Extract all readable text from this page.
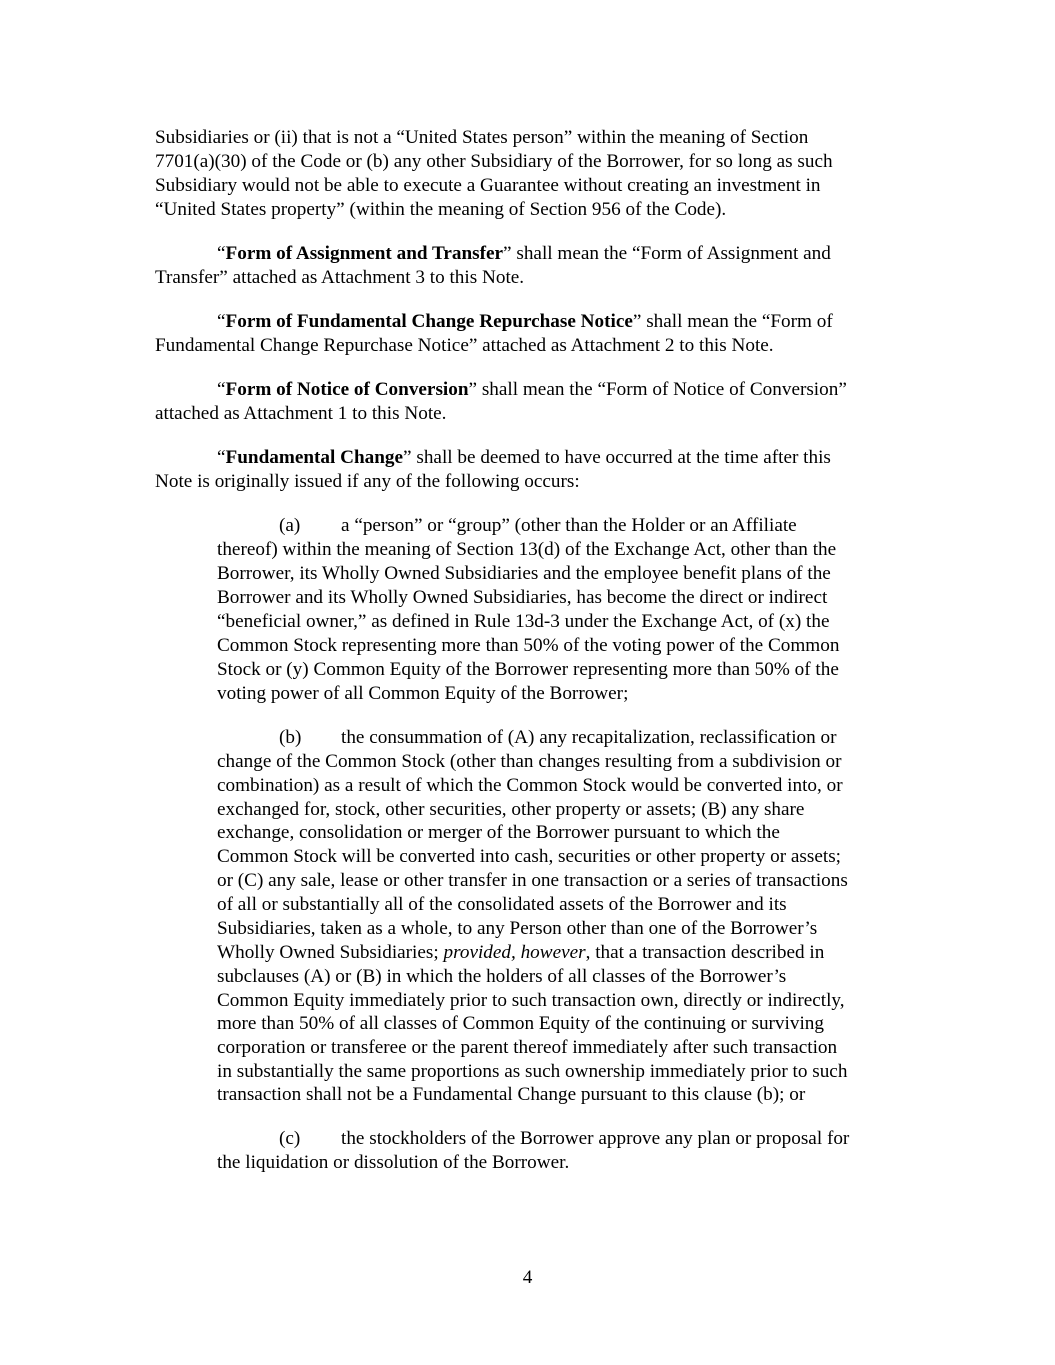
Subsidiaries or (ii) that is not a “United States person” within the meaning of Section
7701(a)(30) of the Code or (b) any other Subsidiary of the Borrower, for so long as such
Subsidiary would not be able to execute a Guarantee without creating an investment in
“United States property” (within the meaning of Section 956 of the Code).
“Form of Assignment and Transfer” shall mean the “Form of Assignment and
Transfer” attached as Attachment 3 to this Note.
“Form of Fundamental Change Repurchase Notice” shall mean the “Form of
Fundamental Change Repurchase Notice” attached as Attachment 2 to this Note.
“Form of Notice of Conversion” shall mean the “Form of Notice of Conversion”
attached as Attachment 1 to this Note.
“Fundamental Change” shall be deemed to have occurred at the time after this
Note is originally issued if any of the following occurs:
(a) a “person” or “group” (other than the Holder or an Affiliate
thereof) within the meaning of Section 13(d) of the Exchange Act, other than the
Borrower, its Wholly Owned Subsidiaries and the employee benefit plans of the
Borrower and its Wholly Owned Subsidiaries, has become the direct or indirect
“beneficial owner,” as defined in Rule 13d-3 under the Exchange Act, of (x) the
Common Stock representing more than 50% of the voting power of the Common
Stock or (y) Common Equity of the Borrower representing more than 50% of the
voting power of all Common Equity of the Borrower;
(b) the consummation of (A) any recapitalization, reclassification or
change of the Common Stock (other than changes resulting from a subdivision or
combination) as a result of which the Common Stock would be converted into, or
exchanged for, stock, other securities, other property or assets; (B) any share
exchange, consolidation or merger of the Borrower pursuant to which the
Common Stock will be converted into cash, securities or other property or assets;
or (C) any sale, lease or other transfer in one transaction or a series of transactions
of all or substantially all of the consolidated assets of the Borrower and its
Subsidiaries, taken as a whole, to any Person other than one of the Borrower’s
Wholly Owned Subsidiaries; provided, however, that a transaction described in
subclauses (A) or (B) in which the holders of all classes of the Borrower’s
Common Equity immediately prior to such transaction own, directly or indirectly,
more than 50% of all classes of Common Equity of the continuing or surviving
corporation or transferee or the parent thereof immediately after such transaction
in substantially the same proportions as such ownership immediately prior to such
transaction shall not be a Fundamental Change pursuant to this clause (b); or
(c) the stockholders of the Borrower approve any plan or proposal for
the liquidation or dissolution of the Borrower.
4
